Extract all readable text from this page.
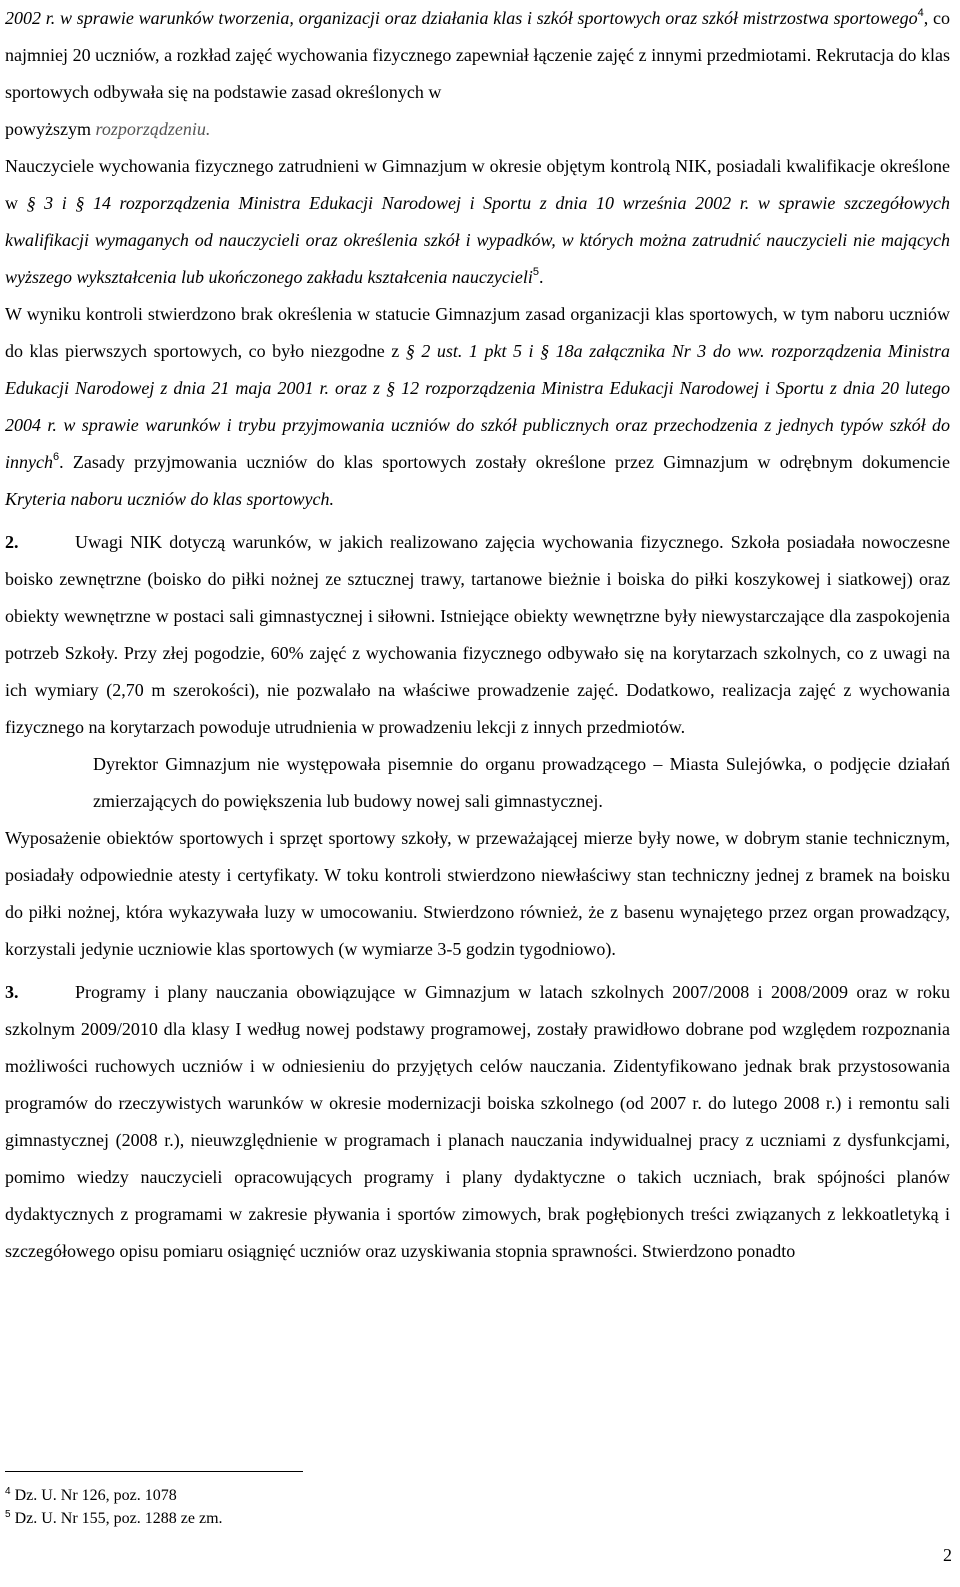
2002 r. w sprawie warunków tworzenia, organizacji oraz działania klas i szkół sportowych oraz szkół mistrzostwa sportowego$^4$, co najmniej 20 uczniów, a rozkład zajęć wychowania fizycznego zapewniał łączenie zajęć z innymi przedmiotami. Rekrutacja do klas sportowych odbywała się na podstawie zasad określonych w
powyższym rozporządzeniu.

Nauczyciele wychowania fizycznego zatrudnieni w Gimnazjum w okresie objętym kontrolą NIK, posiadali kwalifikacje określone w § 3 i § 14 rozporządzenia Ministra Edukacji Narodowej i Sportu z dnia 10 września 2002 r. w sprawie szczegółowych kwalifikacji wymaganych od nauczycieli oraz określenia szkół i wypadków, w których można zatrudnić nauczycieli nie mających wyższego wykształcenia lub ukończonego zakładu kształcenia nauczycieli$^5$.

W wyniku kontroli stwierdzono brak określenia w statucie Gimnazjum zasad organizacji klas sportowych, w tym naboru uczniów do klas pierwszych sportowych, co było niezgodne z § 2 ust. 1 pkt 5 i § 18a załącznika Nr 3 do ww. rozporządzenia Ministra Edukacji Narodowej z dnia 21 maja 2001 r. oraz z § 12 rozporządzenia Ministra Edukacji Narodowej i Sportu z dnia 20 lutego 2004 r. w sprawie warunków i trybu przyjmowania uczniów do szkół publicznych oraz przechodzenia z jednych typów szkół do innych$^6$. Zasady przyjmowania uczniów do klas sportowych zostały określone przez Gimnazjum w odrębnym dokumencie Kryteria naboru uczniów do klas sportowych.

2.	Uwagi NIK dotyczą warunków, w jakich realizowano zajęcia wychowania fizycznego. Szkoła posiadała nowoczesne boisko zewnętrzne (boisko do piłki nożnej ze sztucznej trawy, tartanowe bieżnie i boiska do piłki koszykowej i siatkowej) oraz obiekty wewnętrzne w postaci sali gimnastycznej i siłowni. Istniejące obiekty wewnętrzne były niewystarczające dla zaspokojenia potrzeb Szkoły. Przy złej pogodzie, 60% zajęć z wychowania fizycznego odbywało się na korytarzach szkolnych, co z uwagi na ich wymiary (2,70 m szerokości), nie pozwalało na właściwe prowadzenie zajęć. Dodatkowo, realizacja zajęć z wychowania fizycznego na korytarzach powoduje utrudnienia w prowadzeniu lekcji z innych przedmiotów.

Dyrektor Gimnazjum nie występowała pisemnie do organu prowadzącego – Miasta Sulejówka, o podjęcie działań zmierzających do powiększenia lub budowy nowej sali gimnastycznej.

Wyposażenie obiektów sportowych i sprzęt sportowy szkoły, w przeważającej mierze były nowe, w dobrym stanie technicznym, posiadały odpowiednie atesty i certyfikaty. W toku kontroli stwierdzono niewłaściwy stan techniczny jednej z bramek na boisku do piłki nożnej, która wykazywała luzy w umocowaniu. Stwierdzono również, że z basenu wynajętego przez organ prowadzący, korzystali jedynie uczniowie klas sportowych (w wymiarze 3-5 godzin tygodniowo).

3.	Programy i plany nauczania obowiązujące w Gimnazjum w latach szkolnych 2007/2008 i 2008/2009 oraz w roku szkolnym 2009/2010 dla klasy I według nowej podstawy programowej, zostały prawidłowo dobrane pod względem rozpoznania możliwości ruchowych uczniów i w odniesieniu do przyjętych celów nauczania. Zidentyfikowano jednak brak przystosowania programów do rzeczywistych warunków w okresie modernizacji boiska szkolnego (od 2007 r. do lutego 2008 r.) i remontu sali gimnastycznej (2008 r.), nieuwzględnienie w programach i planach nauczania indywidualnej pracy z uczniami z dysfunkcjami, pomimo wiedzy nauczycieli opracowujących programy i plany dydaktyczne o takich uczniach, brak spójności planów dydaktycznych z programami w zakresie pływania i sportów zimowych, brak pogłębionych treści związanych z lekkoatletyką i szczegółowego opisu pomiaru osiągnięć uczniów oraz uzyskiwania stopnia sprawności. Stwierdzono ponadto

$^4$ Dz. U. Nr 126, poz. 1078
$^5$ Dz. U. Nr 155, poz. 1288 ze zm.
2
